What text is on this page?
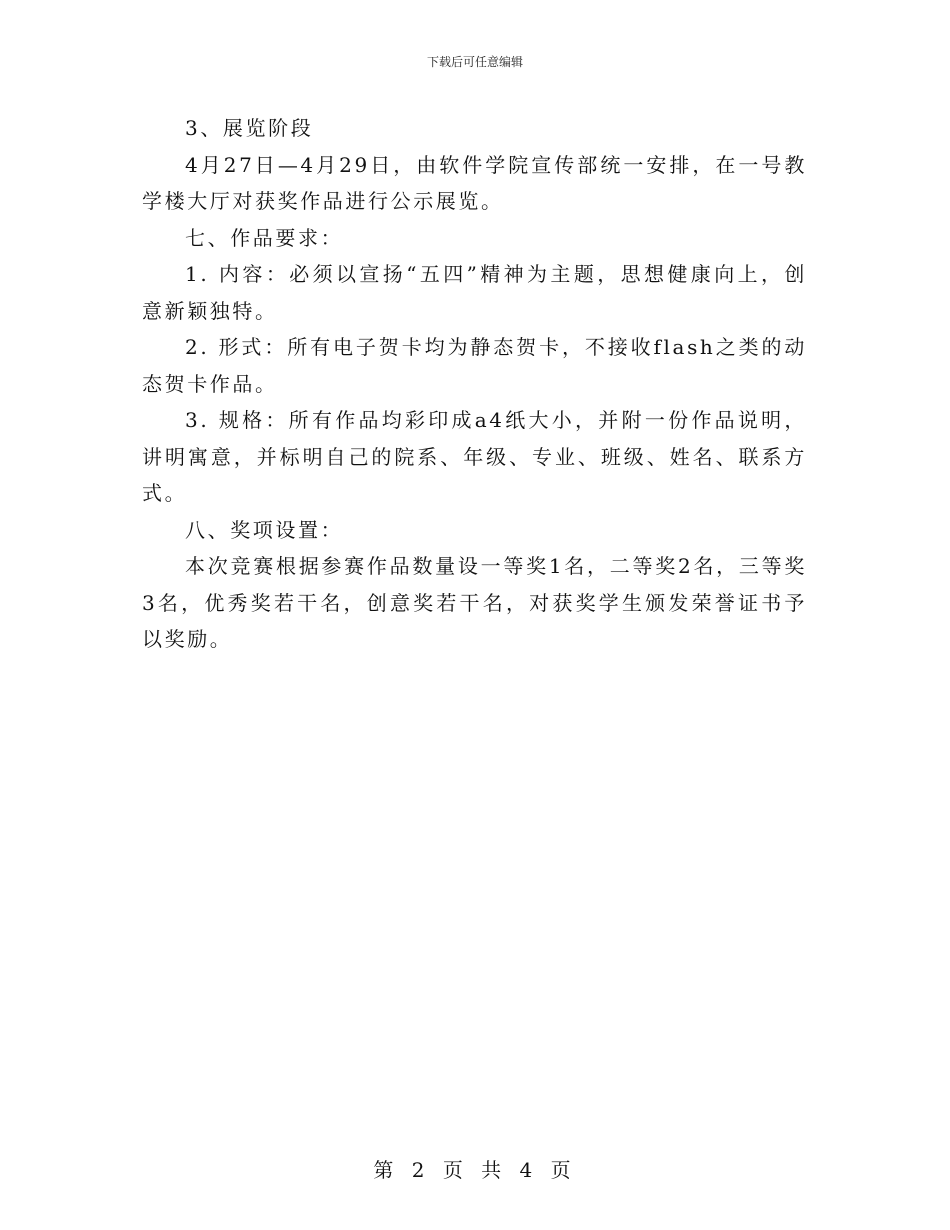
下载后可任意编辑

3、展览阶段

4月27日—4月29日，由软件学院宣传部统一安排，在一号教学楼大厅对获奖作品进行公示展览。

七、作品要求：

1. 内容：必须以宣扬“五四”精神为主题，思想健康向上，创意新颖独特。

2. 形式：所有电子贺卡均为静态贺卡，不接收flash之类的动态贺卡作品。

3. 规格：所有作品均彩印成a4纸大小，并附一份作品说明，讲明寓意，并标明自己的院系、年级、专业、班级、姓名、联系方式。

八、奖项设置：

本次竞赛根据参赛作品数量设一等奖1名，二等奖2名，三等奖3名，优秀奖若干名，创意奖若干名，对获奖学生颁发荣誉证书予以奖励。

第 2 页 共 4 页
